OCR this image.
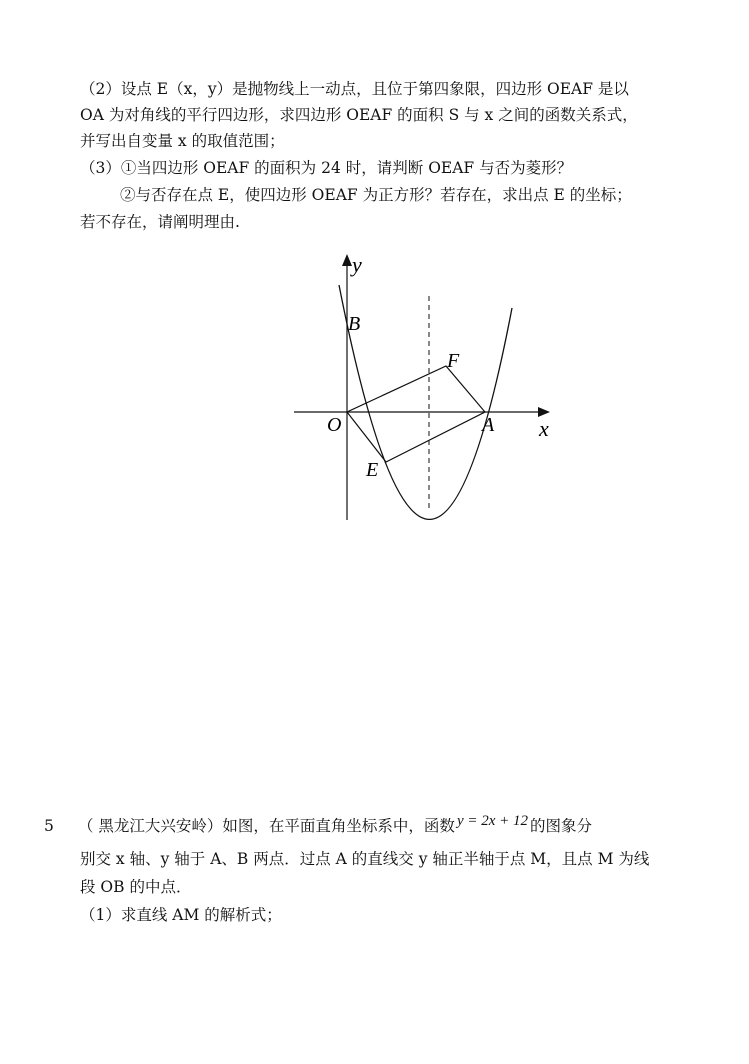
（2）设点 E（x，y）是抛物线上一动点，且位于第四象限，四边形 OEAF 是以
OA 为对角线的平行四边形，求四边形 OEAF 的面积 S 与 x 之间的函数关系式，
并写出自变量 x 的取值范围；
（3）①当四边形 OEAF 的面积为 24 时，请判断 OEAF 与否为菱形？
②与否存在点 E，使四边形 OEAF 为正方形？若存在，求出点 E 的坐标；
若不存在，请阐明理由.
y
x
O	A
B
E
F
5 （ 黑龙江大兴安岭）如图，在平面直角坐标系中，函数 y = 2x + 12 的图象分
别交 x 轴、y 轴于 A、B 两点．过点 A 的直线交 y 轴正半轴于点 M，且点 M 为线
段 OB 的中点．
（1）求直线 AM 的解析式；
